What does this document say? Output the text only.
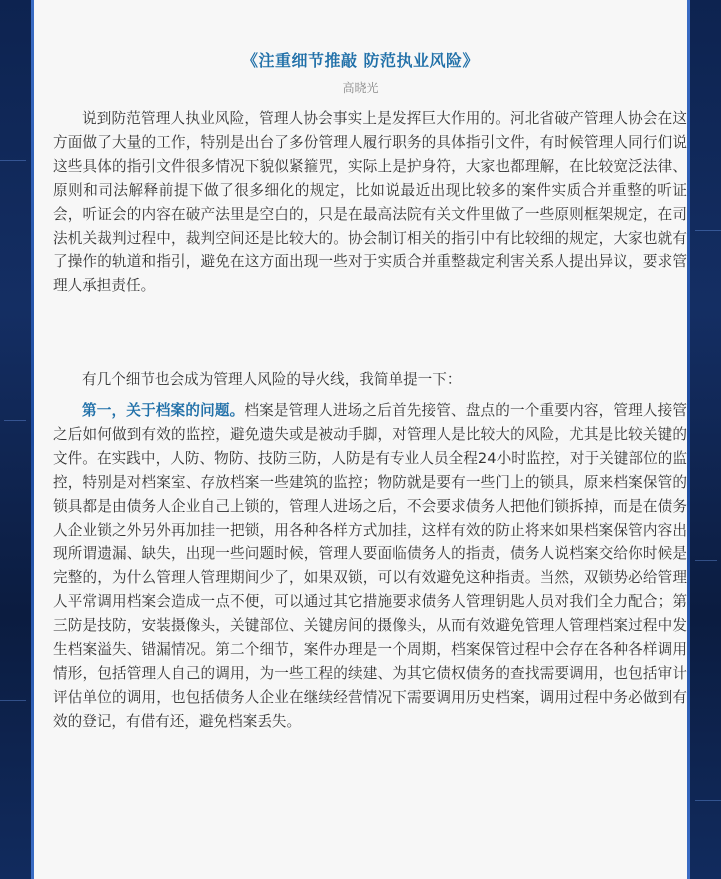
《注重细节推敲 防范执业风险》
高晓光

说到防范管理人执业风险，管理人协会事实上是发挥巨大作用的。河北省破产管理人协会在这方面做了大量的工作，特别是出台了多份管理人履行职务的具体指引文件，有时候管理人同行们说这些具体的指引文件很多情况下貌似紧箍咒，实际上是护身符，大家也都理解，在比较宽泛法律、原则和司法解释前提下做了很多细化的规定，比如说最近出现比较多的案件实质合并重整的听证会，听证会的内容在破产法里是空白的，只是在最高法院有关文件里做了一些原则框架规定，在司法机关裁判过程中，裁判空间还是比较大的。协会制订相关的指引中有比较细的规定，大家也就有了操作的轨道和指引，避免在这方面出现一些对于实质合并重整裁定利害关系人提出异议，要求管理人承担责任。

有几个细节也会成为管理人风险的导火线，我简单提一下：

第一，关于档案的问题。档案是管理人进场之后首先接管、盘点的一个重要内容，管理人接管之后如何做到有效的监控，避免遗失或是被动手脚，对管理人是比较大的风险，尤其是比较关键的文件。在实践中，人防、物防、技防三防，人防是有专业人员全程24小时监控，对于关键部位的监控，特别是对档案室、存放档案一些建筑的监控；物防就是要有一些门上的锁具，原来档案保管的锁具都是由债务人企业自己上锁的，管理人进场之后，不会要求债务人把他们锁拆掉，而是在债务人企业锁之外另外再加挂一把锁，用各种各样方式加挂，这样有效的防止将来如果档案保管内容出现所谓遗漏、缺失，出现一些问题时候，管理人要面临债务人的指责，债务人说档案交给你时候是完整的，为什么管理人管理期间少了，如果双锁，可以有效避免这种指责。当然，双锁势必给管理人平常调用档案会造成一点不便，可以通过其它措施要求债务人管理钥匙人员对我们全力配合；第三防是技防，安装摄像头，关键部位、关键房间的摄像头，从而有效避免管理人管理档案过程中发生档案溢失、错漏情况。第二个细节，案件办理是一个周期，档案保管过程中会存在各种各样调用情形，包括管理人自己的调用，为一些工程的续建、为其它债权债务的查找需要调用，也包括审计评估单位的调用，也包括债务人企业在继续经营情况下需要调用历史档案，调用过程中务必做到有效的登记，有借有还，避免档案丢失。
